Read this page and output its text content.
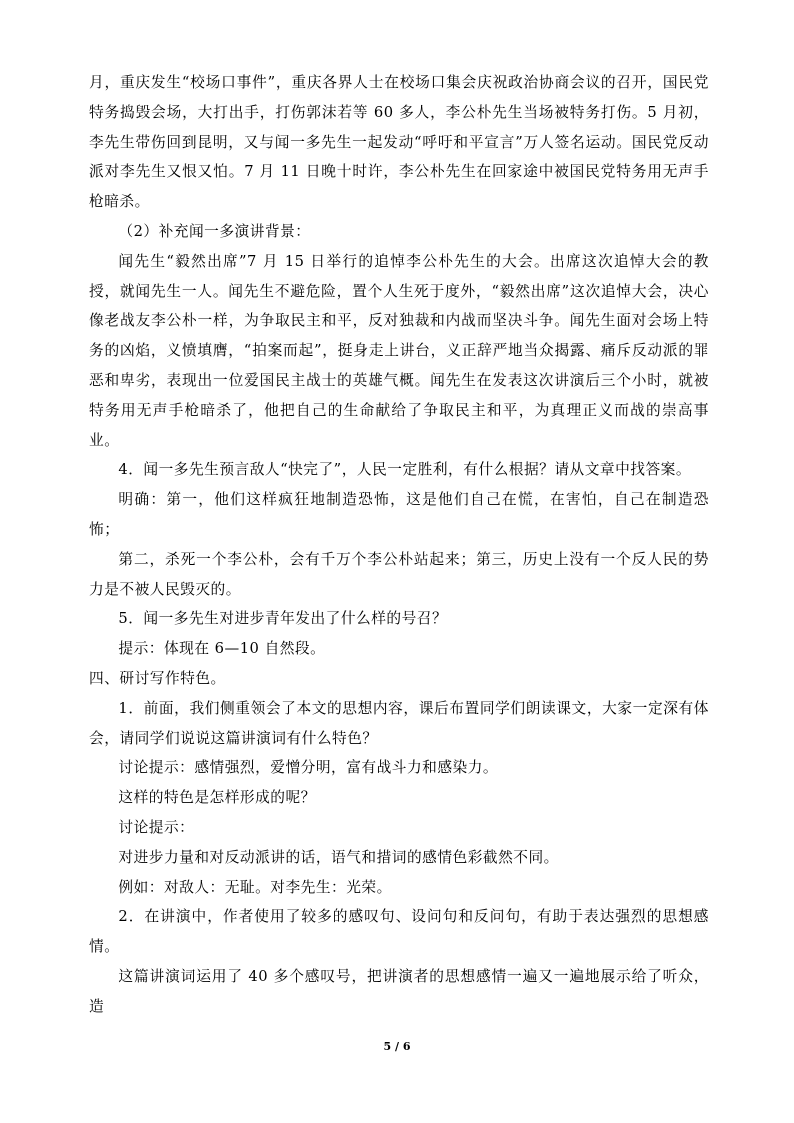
月，重庆发生“校场口事件”，重庆各界人士在校场口集会庆祝政治协商会议的召开，国民党特务捣毁会场，大打出手，打伤郭沫若等 60 多人，李公朴先生当场被特务打伤。5 月初，李先生带伤回到昆明，又与闻一多先生一起发动“呼吁和平宣言”万人签名运动。国民党反动派对李先生又恨又怕。7 月 11 日晚十时许，李公朴先生在回家途中被国民党特务用无声手枪暗杀。

（2）补充闻一多演讲背景：

闻先生“毅然出席”7 月 15 日举行的追悼李公朴先生的大会。出席这次追悼大会的教授，就闻先生一人。闻先生不避危险，置个人生死于度外，“毅然出席”这次追悼大会，决心像老战友李公朴一样，为争取民主和平，反对独裁和内战而坚决斗争。闻先生面对会场上特务的凶焰，义愤填膺，“拍案而起”，挺身走上讲台，义正辞严地当众揭露、痛斥反动派的罪恶和卑劣，表现出一位爱国民主战士的英雄气概。闻先生在发表这次讲演后三个小时，就被特务用无声手枪暗杀了，他把自己的生命献给了争取民主和平，为真理正义而战的崇高事业。

4．闻一多先生预言敌人“快完了”，人民一定胜利，有什么根据？请从文章中找答案。

明确：第一，他们这样疯狂地制造恐怖，这是他们自己在慌，在害怕，自己在制造恐怖；

第二，杀死一个李公朴，会有千万个李公朴站起来；第三，历史上没有一个反人民的势力是不被人民毁灭的。

5．闻一多先生对进步青年发出了什么样的号召？

提示：体现在 6—10 自然段。

四、研讨写作特色。

1．前面，我们侧重领会了本文的思想内容，课后布置同学们朗读课文，大家一定深有体会，请同学们说说这篇讲演词有什么特色？

讨论提示：感情强烈，爱憎分明，富有战斗力和感染力。

这样的特色是怎样形成的呢？

讨论提示：

对进步力量和对反动派讲的话，语气和措词的感情色彩截然不同。

例如：对敌人：无耻。对李先生：光荣。

2．在讲演中，作者使用了较多的感叹句、设问句和反问句，有助于表达强烈的思想感情。

这篇讲演词运用了 40 多个感叹号，把讲演者的思想感情一遍又一遍地展示给了听众，造

5 / 6
